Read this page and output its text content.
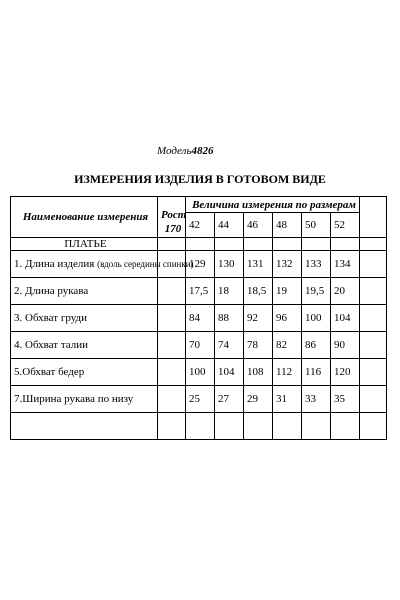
Модель4826
ИЗМЕРЕНИЯ ИЗДЕЛИЯ В ГОТОВОМ ВИДЕ
Наименование измерения	Рост
170	Величина измерения по размерам						
		42	44	46	48	50	52	
ПЛАТЬЕ								
1. Длина изделия (вдоль середины спинки)		129	130	131	132	133	134	
2. Длина рукава		17,5	18	18,5	19	19,5	20	
3. Обхват груди		84	88	92	96	100	104	
4. Обхват талии		70	74	78	82	86	90	
5.Обхват бедер		100	104	108	112	116	120	
7.Ширина рукава по низу		25	27	29	31	33	35	
